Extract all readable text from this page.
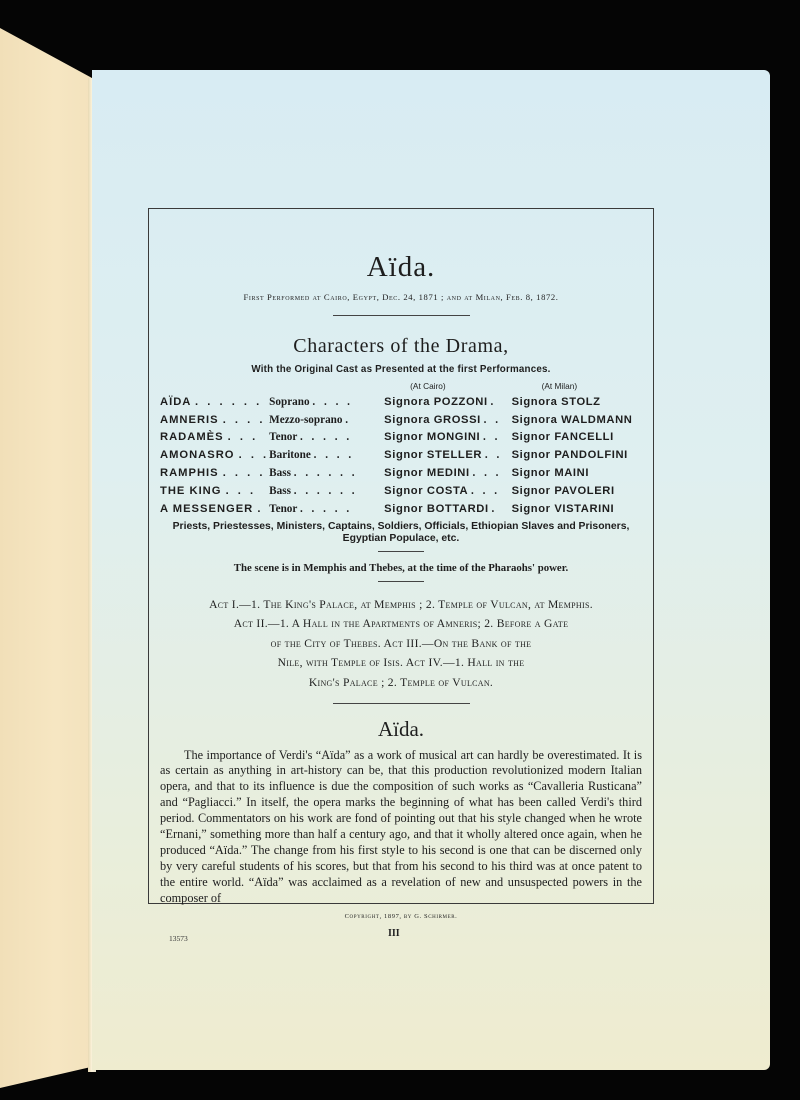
Aïda.
First Performed at Cairo, Egypt, Dec. 24, 1871 ; and at Milan, Feb. 8, 1872.
Characters of the Drama,
With the Original Cast as Presented at the first Performances.
		(At Cairo)	(At Milan)
AÏDA . . . . . .	Soprano . . . .	Signora POZZONI .	Signora STOLZ
AMNERIS . . . .	Mezzo-soprano .	Signora GROSSI . .	Signora WALDMANN
RADAMÈS . . .	Tenor . . . . .	Signor MONGINI . .	Signor FANCELLI
AMONASRO . . .	Baritone . . . .	Signor STELLER . .	Signor PANDOLFINI
RAMPHIS . . . .	Bass . . . . . .	Signor MEDINI . . .	Signor MAINI
THE KING . . .	Bass . . . . . .	Signor COSTA . . .	Signor PAVOLERI
A MESSENGER .	Tenor . . . . .	Signor BOTTARDI .	Signor VISTARINI
Priests, Priestesses, Ministers, Captains, Soldiers, Officials, Ethiopian Slaves and Prisoners, Egyptian Populace, etc.
The scene is in Memphis and Thebes, at the time of the Pharaohs' power.
Act I.—1. The King's Palace, at Memphis ; 2. Temple of Vulcan, at Memphis.
Act II.—1. A Hall in the Apartments of Amneris; 2. Before a Gate
of the City of Thebes. Act III.—On the Bank of the
Nile, with Temple of Isis. Act IV.—1. Hall in the
King's Palace ; 2. Temple of Vulcan.
Aïda.

The importance of Verdi's “Aïda” as a work of musical art can hardly be overestimated. It is as certain as anything in art-history can be, that this production revolutionized modern Italian opera, and that to its influence is due the composition of such works as “Cavalleria Rusticana” and “Pagliacci.” In itself, the opera marks the beginning of what has been called Verdi's third period. Commentators on his work are fond of pointing out that his style changed when he wrote “Ernani,” something more than half a century ago, and that it wholly altered once again, when he produced “Aïda.” The change from his first style to his second is one that can be discerned only by very careful students of his scores, but that from his second to his third was at once patent to the entire world. “Aïda” was acclaimed as a revelation of new and unsuspected powers in the composer of

Copyright, 1897, by G. Schirmer.
13573	III
